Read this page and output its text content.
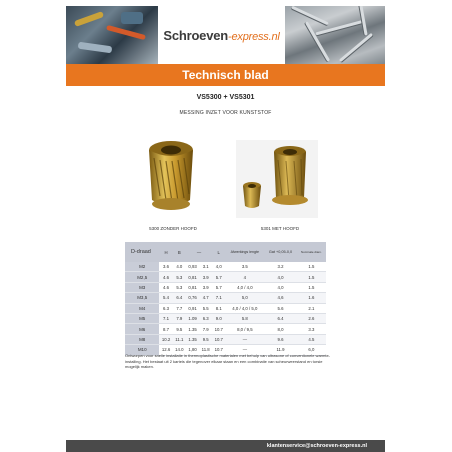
Schroeven-express.nl
Technisch blad
VS5300 + VS5301
MESSING INZET VOOR KUNSTSTOF
5300 ZONDER HOOFD	5301 MET HOOFD
D-draad	H	B	—		L	Afwerkings lengte	Gat +0,05-0,0	Nominale diam.
M2	3.6	4.0	0,93	3.1	4,0	3.5	3.2	1.5
M2,5	4.6	5.3	0,81	3.9	5.7	4	4,0	1.5
M3	4.6	5.3	0,81	3.9	5.7	4,0 / 4,0	4,0	1.5
M3,5	5.4	6.4	0,76	4.7	7.1	5,0	4,6	1.6
M4	6.3	7.7	0,91	5.5	8.1	4,0 / 4,0 / 5,0	5.6	2.1
M5	7.1	7.9	1.09	6.3	9.0	5.8	6.4	2.6
M6	8.7	9.5	1.35	7.9	10.7	8,0 / 9,5	8,0	3.3
M8	10.2	11.1	1.35	9.5	10.7	—	9.6	4.5
M10	12.6	14.0	1,80	11.8	10.7	—	11.9	6,0
Ontworpen voor snelle installatie in thermoplastische materialen met behulp van ultrasone of conventionele warmte-installing. Het bestaat uit 2 kartels die tegenover elkaar staan en een combinatie van scheurweerstand en torsie mogelijk maken.
klantenservice@schroeven-express.nl
